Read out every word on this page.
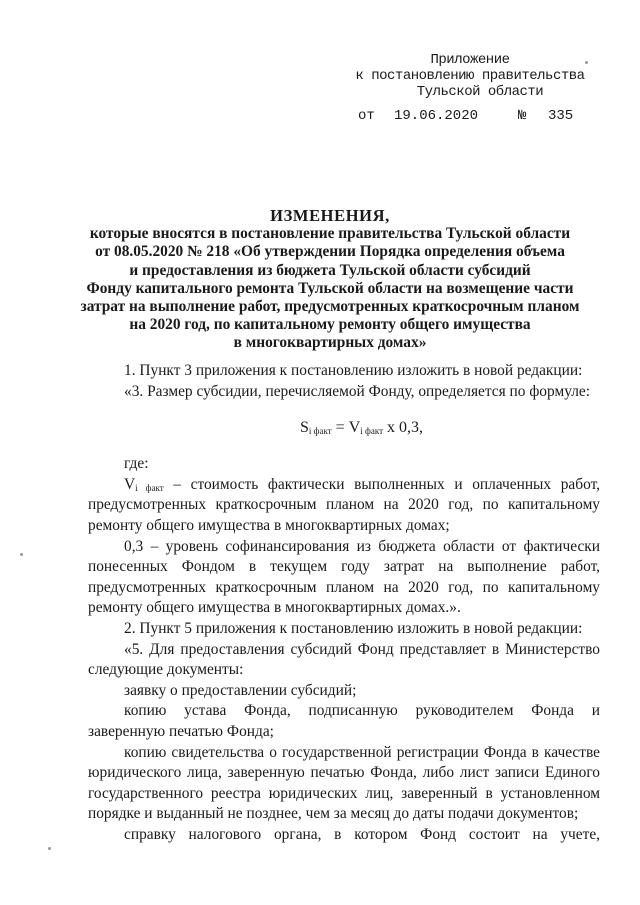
Приложение
к постановлению правительства
Тульской области
от 19.06.2020	№ 335
ИЗМЕНЕНИЯ,
которые вносятся в постановление правительства Тульской области
от 08.05.2020 № 218 «Об утверждении Порядка определения объема
и предоставления из бюджета Тульской области субсидий
Фонду капитального ремонта Тульской области на возмещение части
затрат на выполнение работ, предусмотренных краткосрочным планом
на 2020 год, по капитальному ремонту общего имущества
в многоквартирных домах»
1. Пункт 3 приложения к постановлению изложить в новой редакции:
«3. Размер субсидии, перечисляемой Фонду, определяется по формуле:
$S_{i факт} = V_{i факт}$ х 0,3,
где:
Vi факт – стоимость фактически выполненных и оплаченных работ,
предусмотренных краткосрочным планом на 2020 год, по капитальному
ремонту общего имущества в многоквартирных домах;
0,3 – уровень софинансирования из бюджета области от фактически
понесенных Фондом в текущем году затрат на выполнение работ,
предусмотренных краткосрочным планом на 2020 год, по капитальному
ремонту общего имущества в многоквартирных домах.».
2. Пункт 5 приложения к постановлению изложить в новой редакции:
«5. Для предоставления субсидий Фонд представляет в Министерство
следующие документы:
заявку о предоставлении субсидий;
копию устава Фонда, подписанную руководителем Фонда и
заверенную печатью Фонда;
копию свидетельства о государственной регистрации Фонда в качестве
юридического лица, заверенную печатью Фонда, либо лист записи Единого
государственного реестра юридических лиц, заверенный в установленном
порядке и выданный не позднее, чем за месяц до даты подачи документов;
справку налогового органа, в котором Фонд состоит на учете,
